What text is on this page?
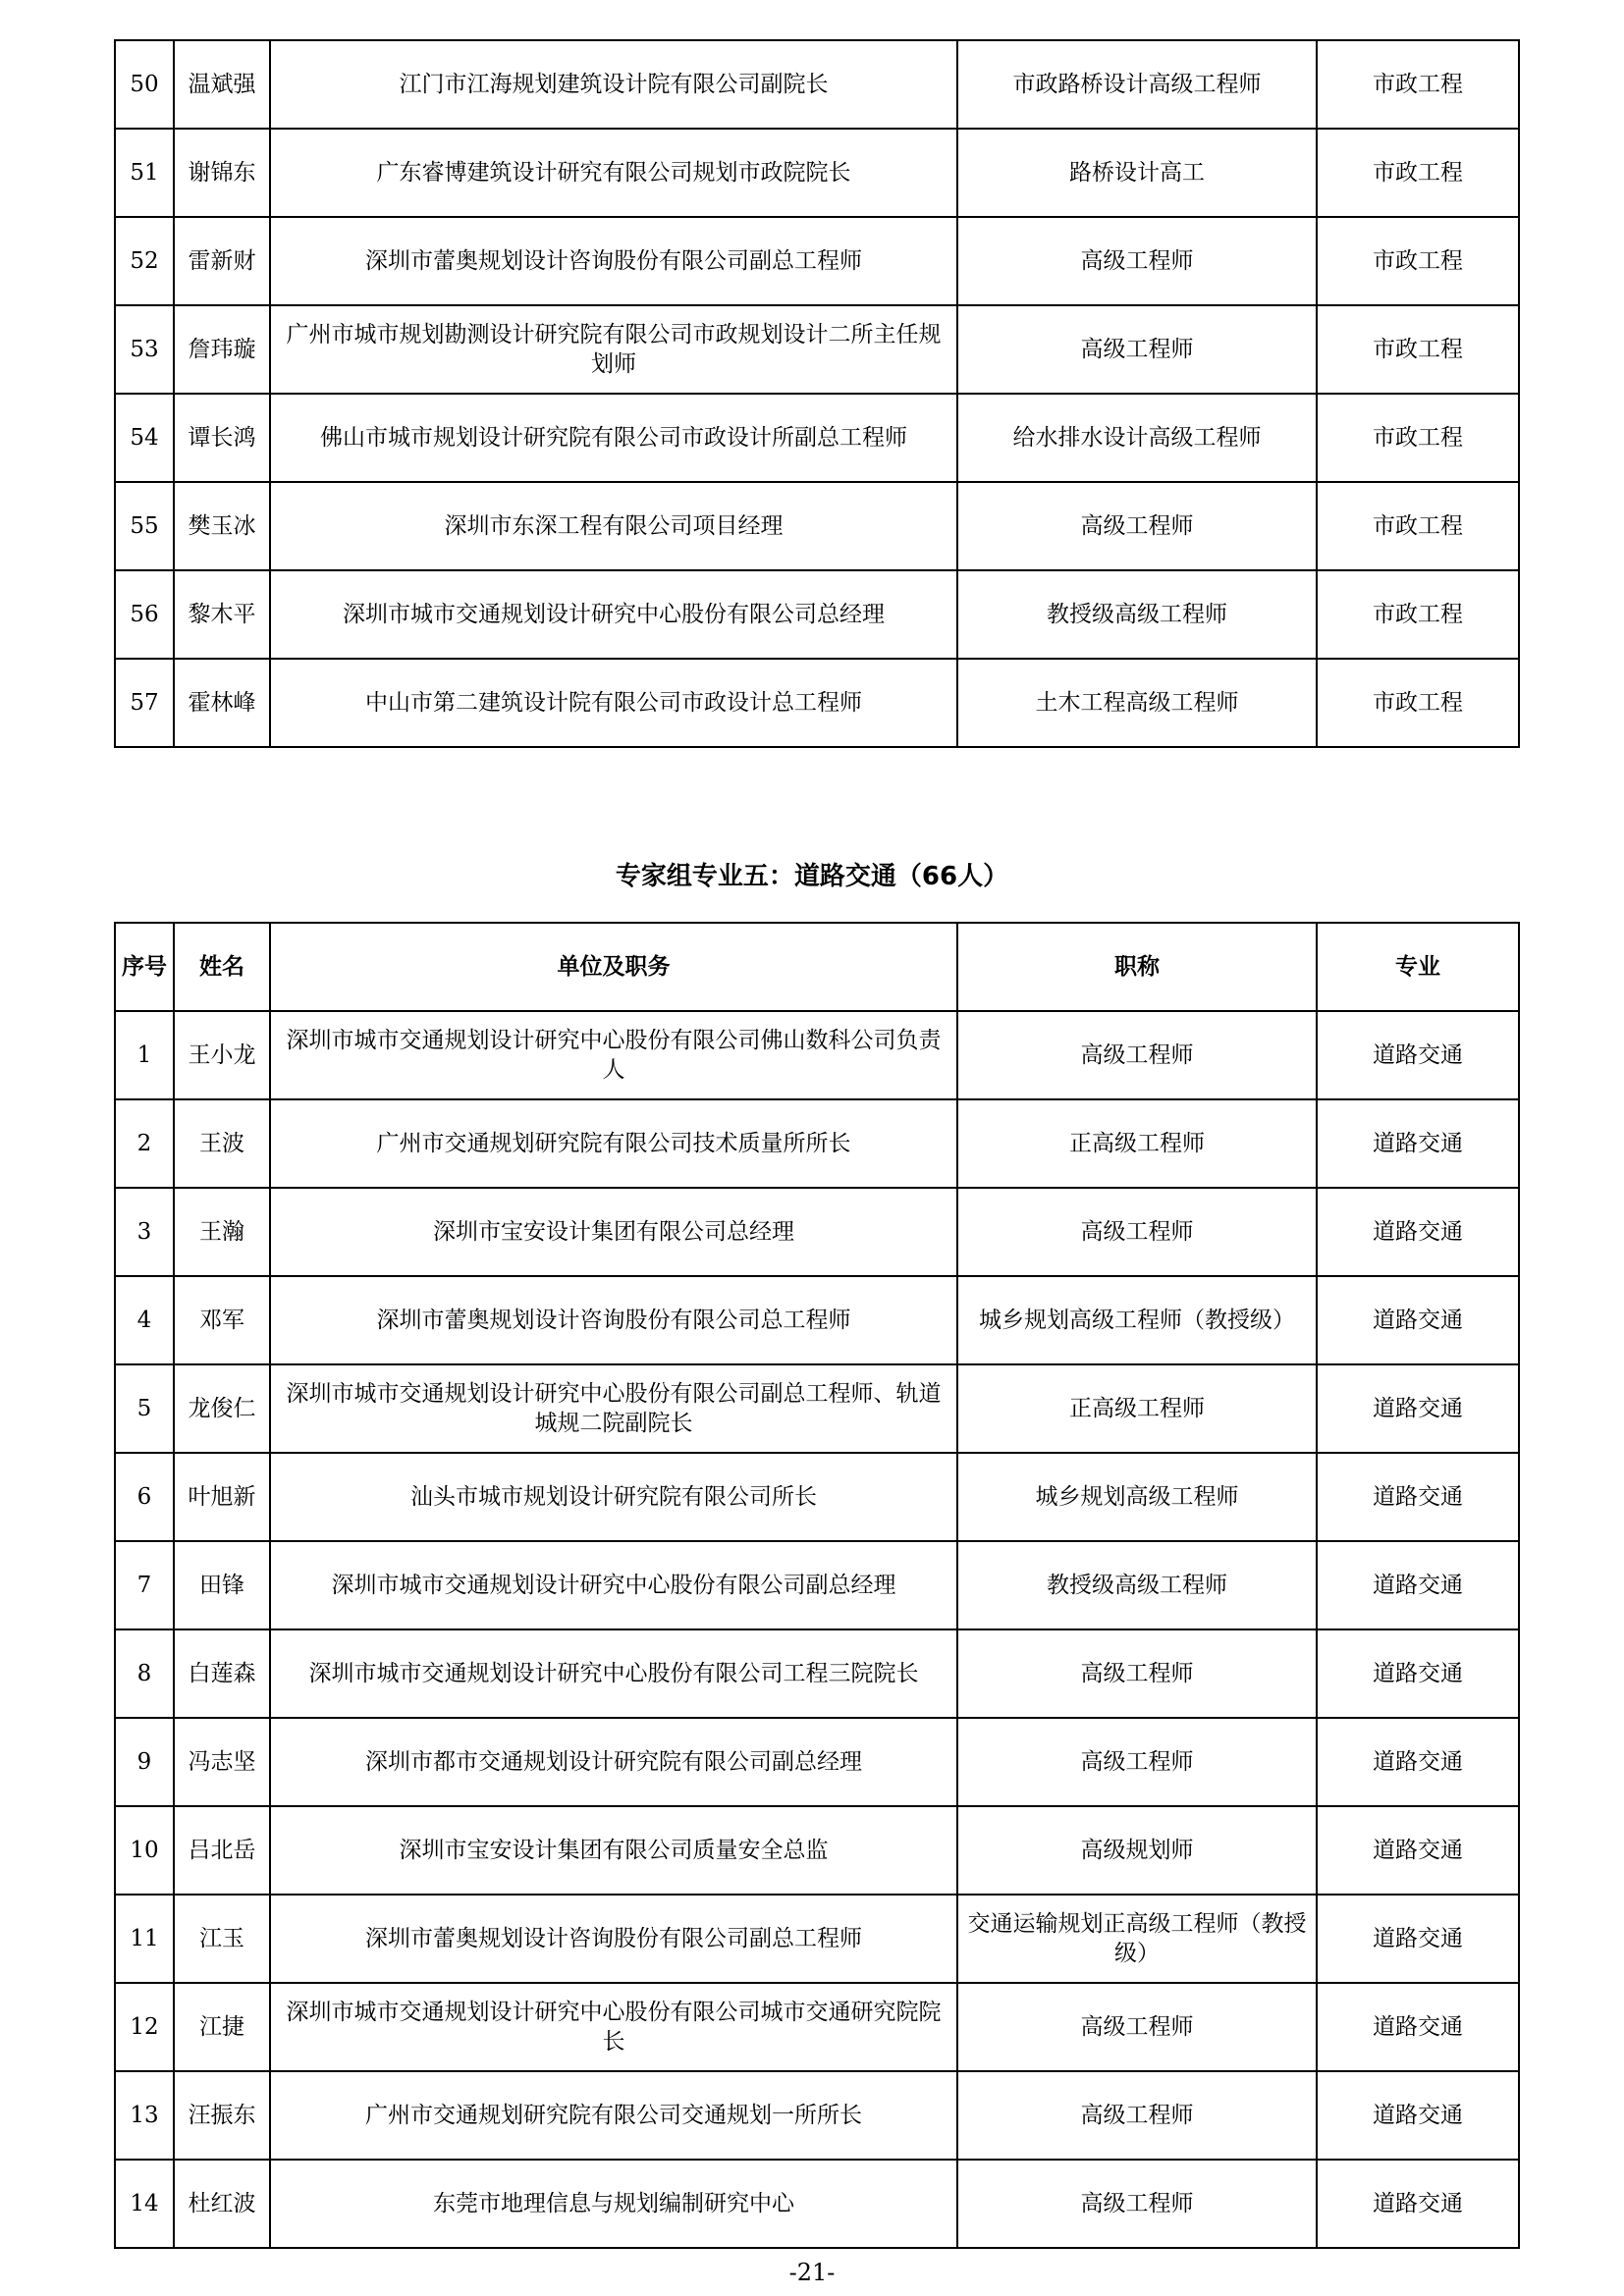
50	温斌强	江门市江海规划建筑设计院有限公司副院长	市政路桥设计高级工程师	市政工程
51	谢锦东	广东睿博建筑设计研究有限公司规划市政院院长	路桥设计高工	市政工程
52	雷新财	深圳市蕾奥规划设计咨询股份有限公司副总工程师	高级工程师	市政工程
53	詹玮璇	广州市城市规划勘测设计研究院有限公司市政规划设计二所主任规划师	高级工程师	市政工程
54	谭长鸿	佛山市城市规划设计研究院有限公司市政设计所副总工程师	给水排水设计高级工程师	市政工程
55	樊玉冰	深圳市东深工程有限公司项目经理	高级工程师	市政工程
56	黎木平	深圳市城市交通规划设计研究中心股份有限公司总经理	教授级高级工程师	市政工程
57	霍林峰	中山市第二建筑设计院有限公司市政设计总工程师	土木工程高级工程师	市政工程
专家组专业五：道路交通（66人）
序号	姓名	单位及职务	职称	专业
1	王小龙	深圳市城市交通规划设计研究中心股份有限公司佛山数科公司负责人	高级工程师	道路交通
2	王波	广州市交通规划研究院有限公司技术质量所所长	正高级工程师	道路交通
3	王瀚	深圳市宝安设计集团有限公司总经理	高级工程师	道路交通
4	邓军	深圳市蕾奥规划设计咨询股份有限公司总工程师	城乡规划高级工程师（教授级）	道路交通
5	龙俊仁	深圳市城市交通规划设计研究中心股份有限公司副总工程师、轨道城规二院副院长	正高级工程师	道路交通
6	叶旭新	汕头市城市规划设计研究院有限公司所长	城乡规划高级工程师	道路交通
7	田锋	深圳市城市交通规划设计研究中心股份有限公司副总经理	教授级高级工程师	道路交通
8	白莲森	深圳市城市交通规划设计研究中心股份有限公司工程三院院长	高级工程师	道路交通
9	冯志坚	深圳市都市交通规划设计研究院有限公司副总经理	高级工程师	道路交通
10	吕北岳	深圳市宝安设计集团有限公司质量安全总监	高级规划师	道路交通
11	江玉	深圳市蕾奥规划设计咨询股份有限公司副总工程师	交通运输规划正高级工程师（教授级）	道路交通
12	江捷	深圳市城市交通规划设计研究中心股份有限公司城市交通研究院院长	高级工程师	道路交通
13	汪振东	广州市交通规划研究院有限公司交通规划一所所长	高级工程师	道路交通
14	杜红波	东莞市地理信息与规划编制研究中心	高级工程师	道路交通
-21-
